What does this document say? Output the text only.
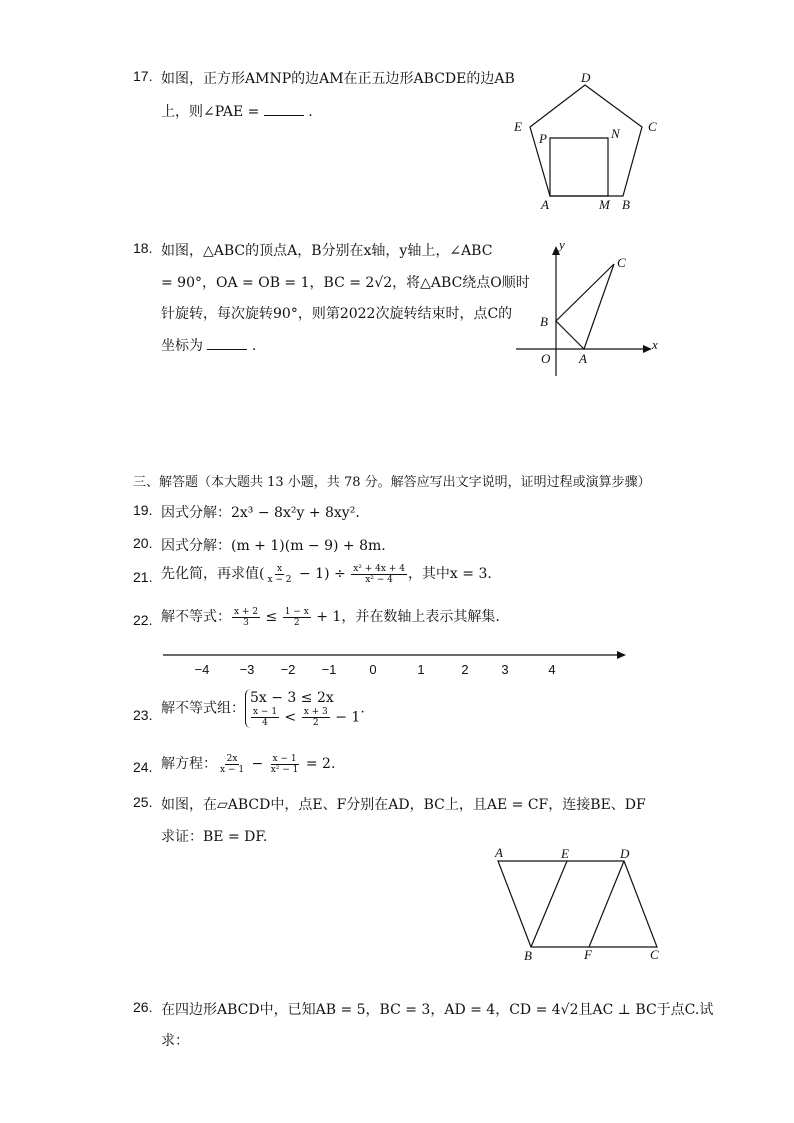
17. 如图，正方形AMNP的边AM在正五边形ABCDE的边AB
上，则∠PAE =	.
D
C
E
P	N
A	M B
18. 如图，△ABC的顶点A，B分别在x轴，y轴上，∠ABC
= 90°，OA = OB = 1，BC = 2√2，将△ABC绕点O顺时
针旋转，每次旋转90°，则第2022次旋转结束时，点C的
坐标为	.
y
x
O A
B
C
三、解答题（本大题共 13 小题，共 78 分。解答应写出文字说明，证明过程或演算步骤）
19. 因式分解：2x³ − 8x²y + 8xy².
20. 因式分解：(m + 1)(m − 9) + 8m.
21. 先化简，再求值( $\frac{x}{x - 2} - 1) \div \frac{\text{x² + 4x + 4}}{\text{x² − 4}}$ ，其中x = 3.
22. 解不等式： $\frac{x + 2}{3} \le \frac{1 - x}{2} + 1$，并在数轴上表示其解集.
−4 −3 −2 −1	0	1	2	3	4
23. 解不等式组：
5x − 3 ≤ 2x
$\frac{x - 1}{4} < \frac{x + 3}{2} - 1$
.
24. 解方程： $\frac{2x}{x - 1} - \frac{x - 1}{\text{x² − 1}} = 2$.
25. 如图，在▱ABCD中，点E、F分别在AD，BC上，且AE = CF，连接BE、DF
求证：BE = DF.
A	E	D
B	F	C
26. 在四边形ABCD中，已知AB = 5，BC = 3，AD = 4，CD = 4√2且AC ⊥ BC于点C.试
求：
